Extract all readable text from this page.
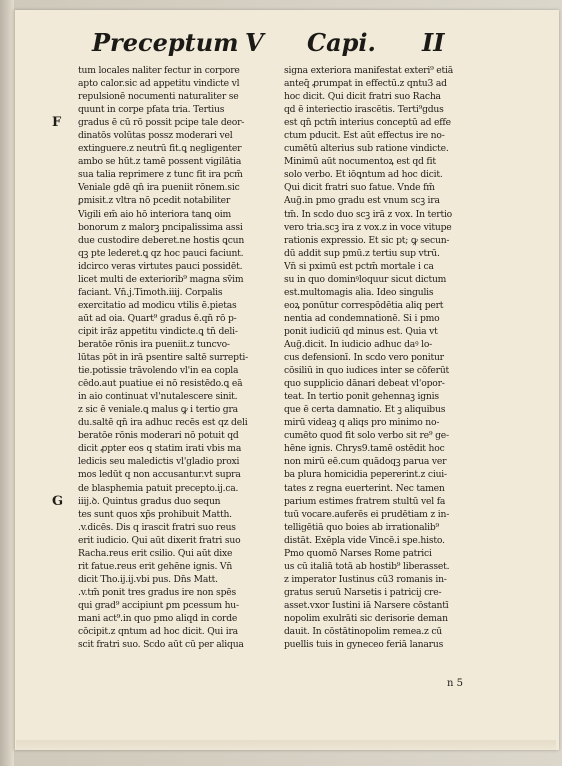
Preceptum V Capi. II
F
G
tum locales naliter fectur in corpore
apto calor.sic ad appetitu vindicte vl
repulsionē nocumenti naturaliter se
quunt in corpe pfata tria. Tertius
gradus ē cū rō possit pcipe tale deor-
dinatōs volūtas possz moderari vel
extinguere.z neutrū fit.ꝗ negligenter
ambo se hūt.z tamē possent vigilātia
sua talia reprimere z tunc fit ira pcm̄
Veniale gdē qn̄ ira pueniit rōnem.sic
ꝑmisit.z vltra nō pcedit notabiliter
Vigili em̄ aio hō interiora tanꝗ oim
bonorum z malorꝫ pncipalissima assi
due custodire deberet.ne hostis ꝗcun
qꝫ pte lederet.ꝗ qz hoc pauci faciunt.
idcirco veras virtutes pauci possidēt.
licet multi de exteriorib⁹ magna sv̄im
faciant. Vn̄.j.Timoth.iiij. Corpalis
exercitatio ad modicu vtilis ē.pietas
aūt ad oia. Quart⁹ gradus ē.qn̄ rō p-
cipit irāz appetitu vindicte.ꝗ tn̄ deli-
beratōe rōnis ira pueniit.z tuncvo-
lūtas pōt in irā psentire saltē surrepti-
tie.potissie trāvolendo vl'in ea copla
cēdo.aut puatiue ei nō resistēdo.ꝗ eā
in aio continuat vl'nutalescere sinit.
z sic ē veniale.ꝗ malus ꝙ i tertio gra
du.saltē qn̄ ira adhuc recēs est qz deli
beratōe rōnis moderari nō potuit qd
dicit ꝓpter eos q statim irati vbis ma
ledicis seu maledictis vl'gladio proxi
mos ledūt q non accusantur.vt supra
de blasphemia patuit precepto.ij.ca.
iiij.ꝺ. Quintus gradus duo sequn
tes sunt quos xp̄s prohibuit Matth.
.v.dicēs. Dis q irascit fratri suo reus
erit iudicio. Qui aūt dixerit fratri suo
Racha.reus erit csilio. Qui aūt dixe
rit fatue.reus erit gehēne ignis. Vn̄
dicit Tho.ij.ij.vbi pus. Dn̄s Matt.
.v.tm̄ ponit tres gradus ire non spēs
qui grad⁹ accipiunt ꝑm pcessum hu-
mani act⁹.in quo pmo aliqd in corde
cōcipit.z qntum ad hoc dicit. Qui ira
scit fratri suo. Scdo aūt cū per aliqua
signa exteriora manifestat exteri⁹ etiā
anteq̄ ꝓrumpat in effectū.z qntu3 ad
hoc dicit. Qui dicit fratri suo Racha
qd ē interiectio irascētis. Terti⁹gdus
est qn̄ pctm̄ interius conceptū ad effe
ctum pducit. Est aūt effectus ire no-
cumētū alterius sub ratione vindicte.
Minimū aūt nocumentoꝝ est qd fit
solo verbo. Et iōꝗntum ad hoc dicit.
Qui dicit fratri suo fatue. Vnde fm̄
Aug̃.in pmo gradu est vnum scꝫ ira
tm̄. In scdo duo scꝫ irā z vox. In tertio
vero tria.scꝫ ira z vox.z in voce vitupe
rationis expressio. Et sic pt; ꝙ secun-
dū addit sup pmū.z tertiu sup vtrū.
Vn̄ si pximū est pctm̄ mortale i ca
su in quo dominꝰloquur sicut dictum
est.multomagis alia. Ideo singulis
eoꝝ ponūtur correspōdētia aliq pert
nentia ad condemnationē. Si i pmo
ponit iudiciū qd minus est. Quia vt
Aug̃.dicit. In iudicio adhuc daꝰ lo-
cus defensionī. In scdo vero ponitur
cōsiliū in quo iudices inter se cōferūt
quo supplicio dānari debeat vl'opor-
teat. In tertio ponit gehennaꝫ ignis
que ē certa damnatio. Et ꝫ aliquibus
mirū videaꝫ q aliqs pro minimo no-
cumēto quod fit solo verbo sit re⁹ ge-
hēne ignis. Chrys9.tamē ostēdit hoc
non mirū eē.cum quādoqꝫ parua ver
ba plura homicidia pepererint.z ciui-
tates z regna euerterint. Nec tamen
parium estimes fratrem stultū vel fa
tuū vocare.auferēs ei prudētiam z in-
telligētiā quo boies ab irrationalib⁹
distāt. Exēpla vide Vincē.i spe.histo.
Pmo quomō Narses Rome patrici
us cū italiā totā ab hostib⁹ liberasset.
z imperator Iustinus cū3 romanis in-
gratus seruū Narsetis i patricij cre-
asset.vxor Iustini iā Narsere cōstantī
nopolim exulrāti sic derisorie deman
dauit. In cōstātinopolim remea.z cū
puellis tuis in gyneceo feriā lanarus
n 5
